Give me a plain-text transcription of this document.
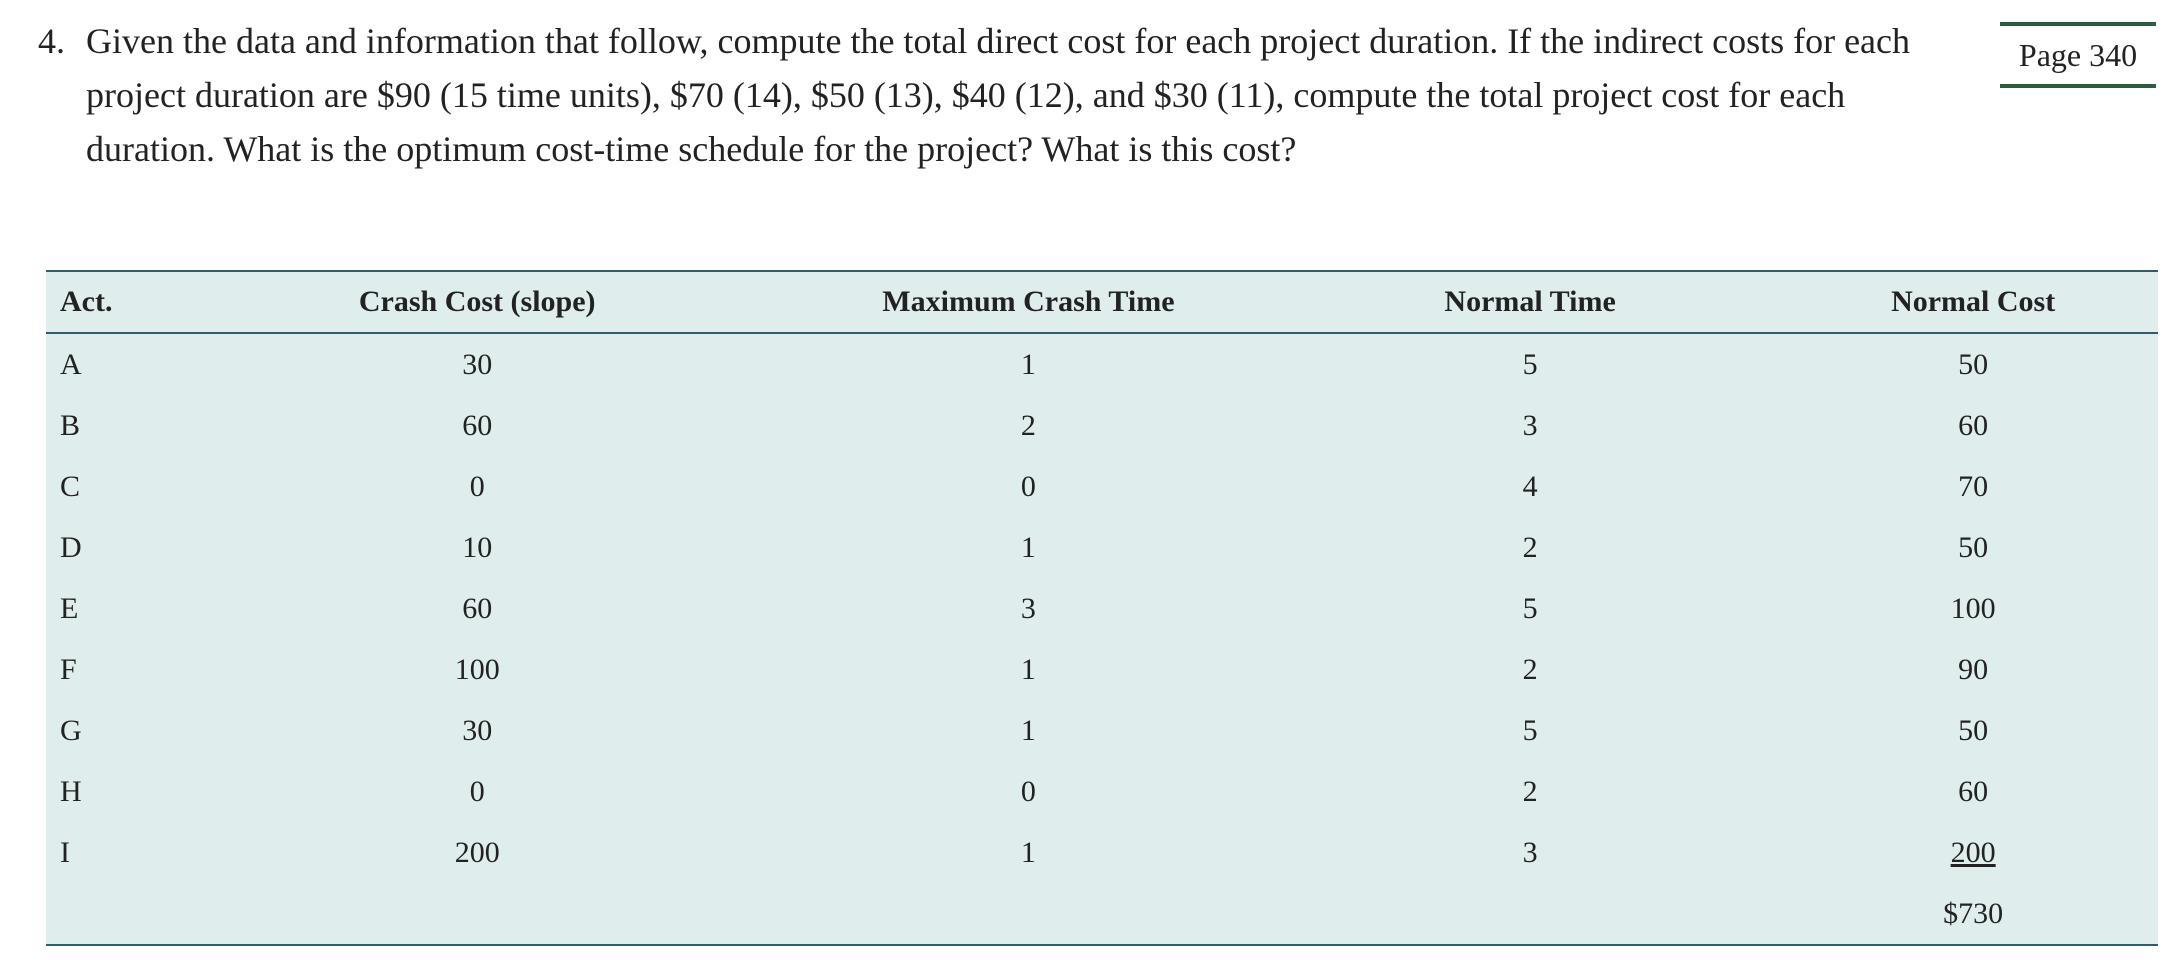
4. Given the data and information that follow, compute the total direct cost for each project duration. If the indirect costs for each project duration are $90 (15 time units), $70 (14), $50 (13), $40 (12), and $30 (11), compute the total project cost for each duration. What is the optimum cost-time schedule for the project? What is this cost?
Page 340
Act.	Crash Cost (slope)	Maximum Crash Time	Normal Time	Normal Cost
A	30	1	5	50
B	60	2	3	60
C	0	0	4	70
D	10	1	2	50
E	60	3	5	100
F	100	1	2	90
G	30	1	5	50
H	0	0	2	60
I	200	1	3	200
				$730
